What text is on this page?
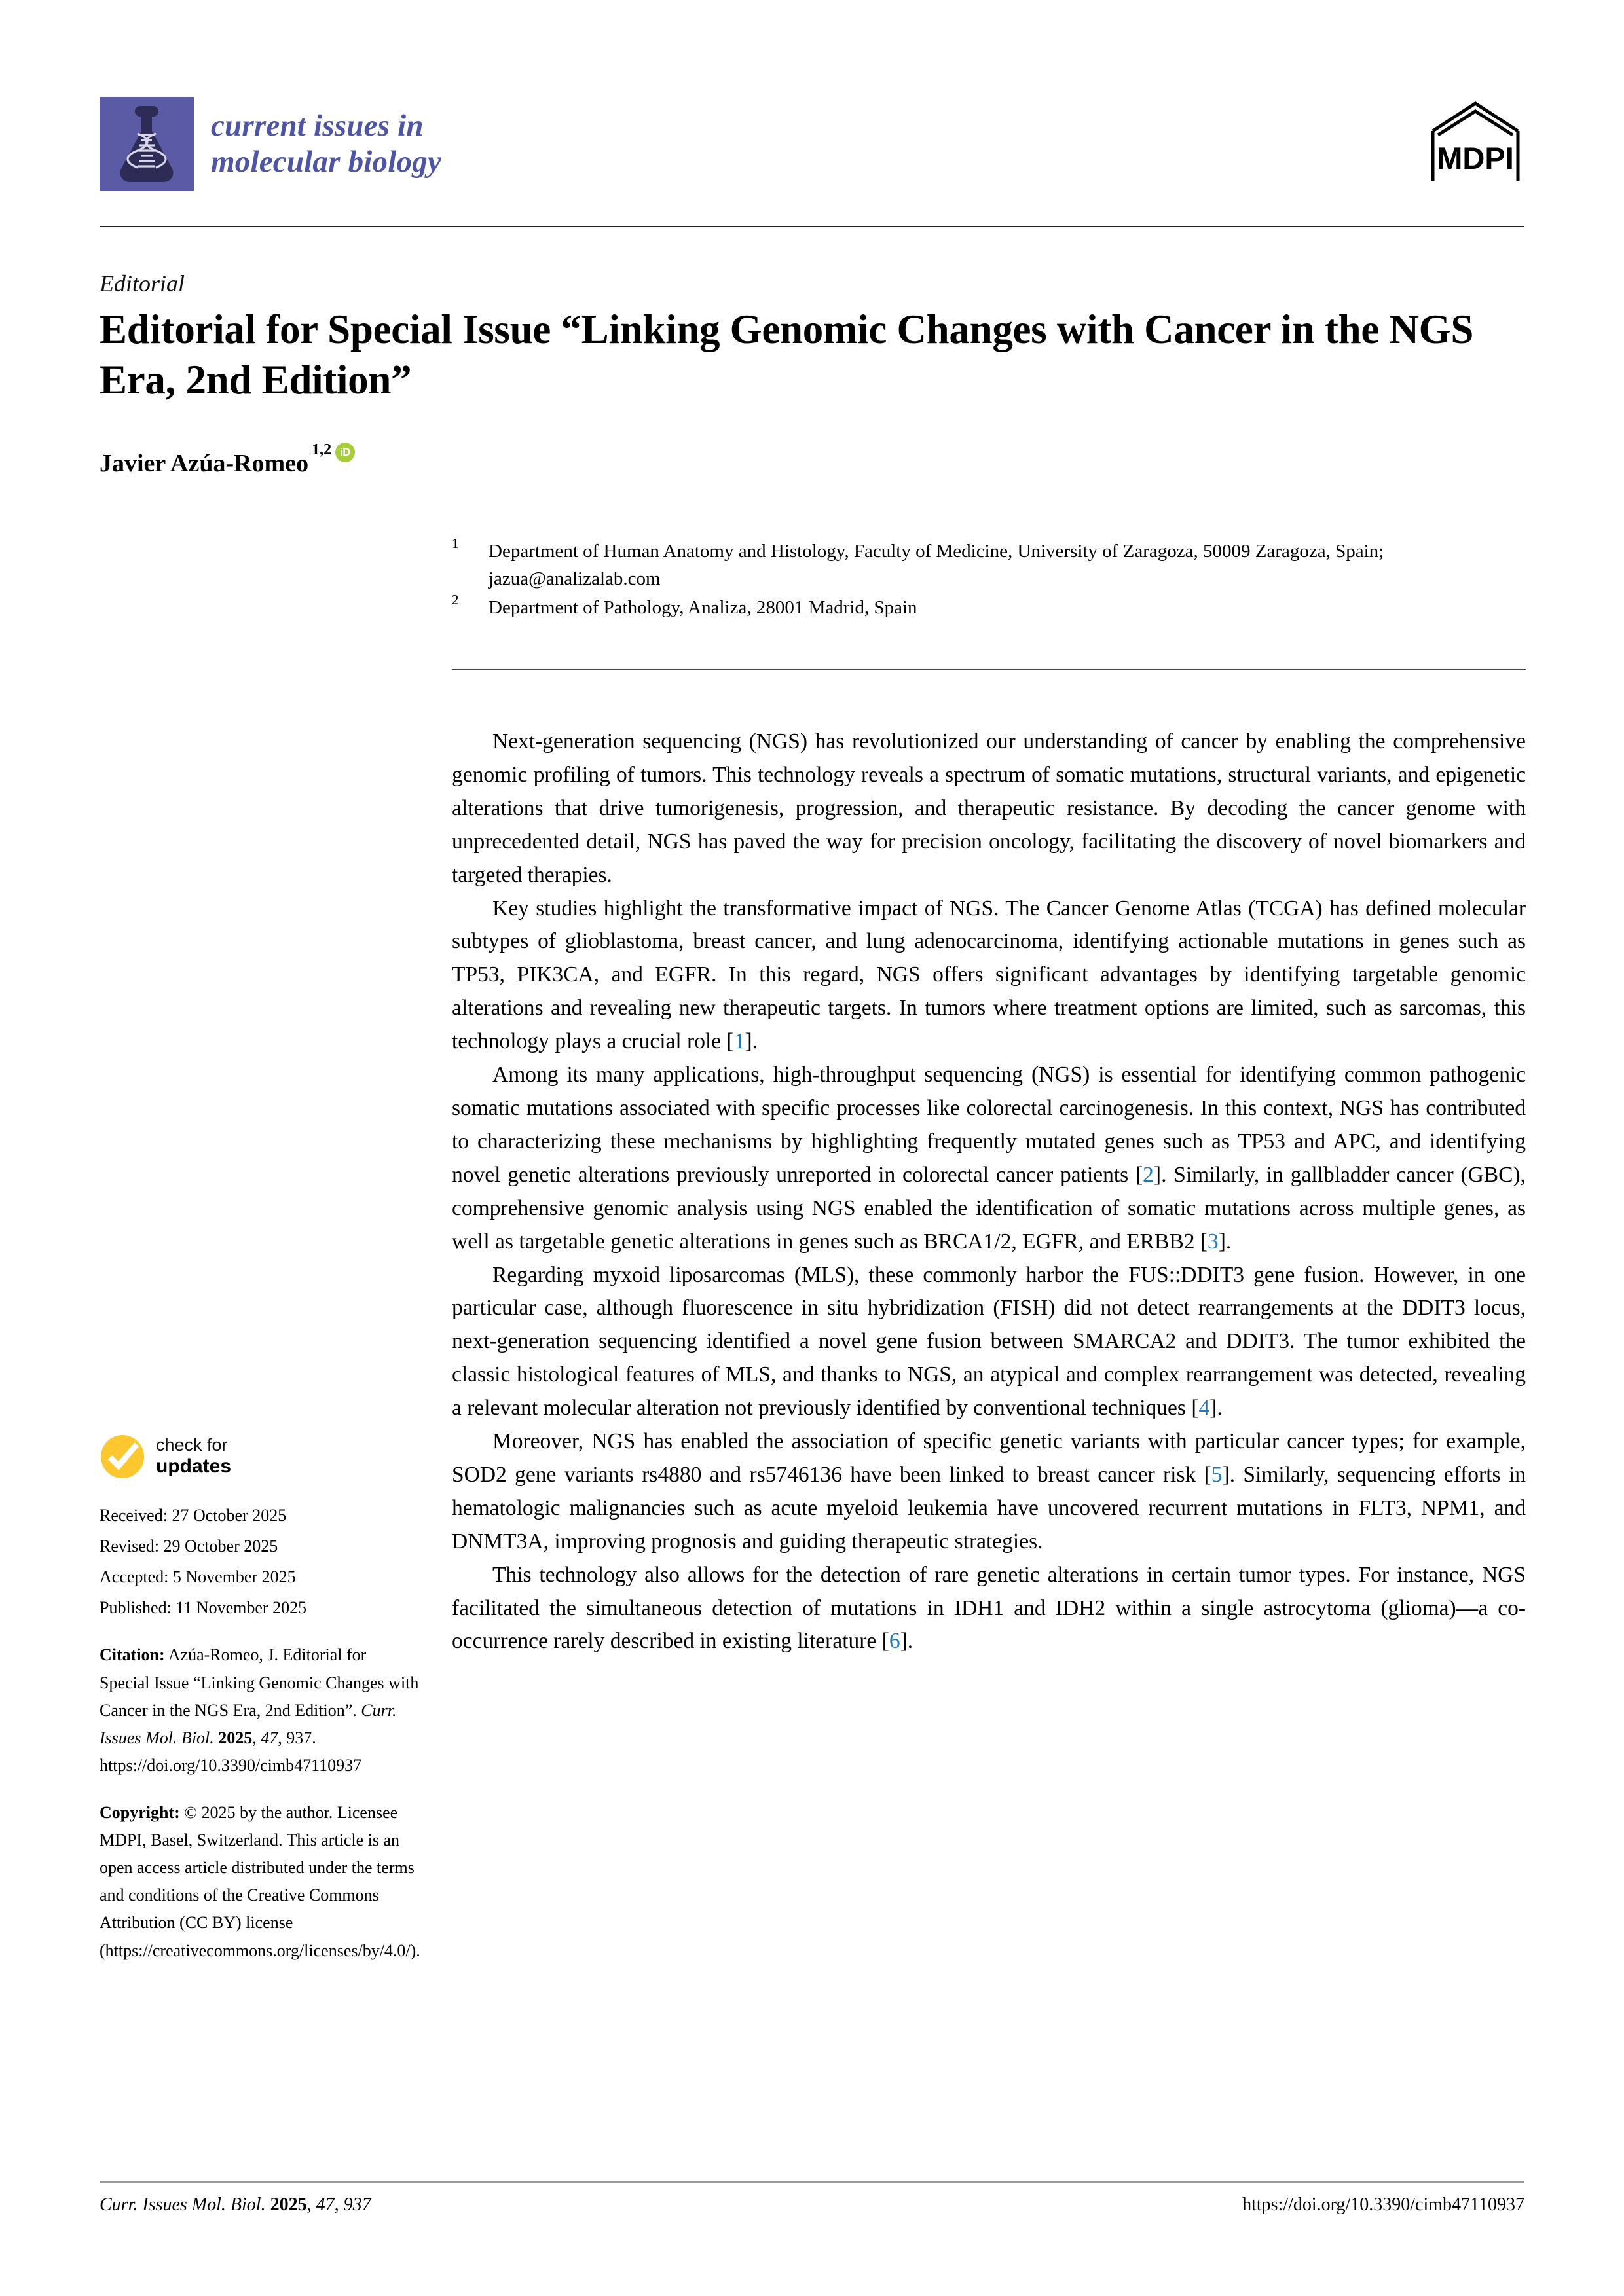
current issues in
molecular biology	MDPI
Editorial
Editorial for Special Issue “Linking Genomic Changes with Cancer in the NGS Era, 2nd Edition”
Javier Azúa-Romeo 1,2 iD
1	Department of Human Anatomy and Histology, Faculty of Medicine, University of Zaragoza, 50009 Zaragoza, Spain; jazua@analizalab.com
2	Department of Pathology, Analiza, 28001 Madrid, Spain
check for
updates
Received: 27 October 2025
Revised: 29 October 2025
Accepted: 5 November 2025
Published: 11 November 2025
Citation: Azúa-Romeo, J. Editorial for Special Issue “Linking Genomic Changes with Cancer in the NGS Era, 2nd Edition”. Curr. Issues Mol. Biol. 2025, 47, 937. https://doi.org/10.3390/cimb47110937
Copyright: © 2025 by the author. Licensee MDPI, Basel, Switzerland. This article is an open access article distributed under the terms and conditions of the Creative Commons Attribution (CC BY) license (https://creativecommons.org/licenses/by/4.0/).

Next-generation sequencing (NGS) has revolutionized our understanding of cancer by enabling the comprehensive genomic profiling of tumors. This technology reveals a spectrum of somatic mutations, structural variants, and epigenetic alterations that drive tumorigenesis, progression, and therapeutic resistance. By decoding the cancer genome with unprecedented detail, NGS has paved the way for precision oncology, facilitating the discovery of novel biomarkers and targeted therapies.

Key studies highlight the transformative impact of NGS. The Cancer Genome Atlas (TCGA) has defined molecular subtypes of glioblastoma, breast cancer, and lung adenocarcinoma, identifying actionable mutations in genes such as TP53, PIK3CA, and EGFR. In this regard, NGS offers significant advantages by identifying targetable genomic alterations and revealing new therapeutic targets. In tumors where treatment options are limited, such as sarcomas, this technology plays a crucial role [1].

Among its many applications, high-throughput sequencing (NGS) is essential for identifying common pathogenic somatic mutations associated with specific processes like colorectal carcinogenesis. In this context, NGS has contributed to characterizing these mechanisms by highlighting frequently mutated genes such as TP53 and APC, and identifying novel genetic alterations previously unreported in colorectal cancer patients [2]. Similarly, in gallbladder cancer (GBC), comprehensive genomic analysis using NGS enabled the identification of somatic mutations across multiple genes, as well as targetable genetic alterations in genes such as BRCA1/2, EGFR, and ERBB2 [3].

Regarding myxoid liposarcomas (MLS), these commonly harbor the FUS::DDIT3 gene fusion. However, in one particular case, although fluorescence in situ hybridization (FISH) did not detect rearrangements at the DDIT3 locus, next-generation sequencing identified a novel gene fusion between SMARCA2 and DDIT3. The tumor exhibited the classic histological features of MLS, and thanks to NGS, an atypical and complex rearrangement was detected, revealing a relevant molecular alteration not previously identified by conventional techniques [4].

Moreover, NGS has enabled the association of specific genetic variants with particular cancer types; for example, SOD2 gene variants rs4880 and rs5746136 have been linked to breast cancer risk [5]. Similarly, sequencing efforts in hematologic malignancies such as acute myeloid leukemia have uncovered recurrent mutations in FLT3, NPM1, and DNMT3A, improving prognosis and guiding therapeutic strategies.

This technology also allows for the detection of rare genetic alterations in certain tumor types. For instance, NGS facilitated the simultaneous detection of mutations in IDH1 and IDH2 within a single astrocytoma (glioma)—a co-occurrence rarely described in existing literature [6].

Curr. Issues Mol. Biol. 2025, 47, 937	https://doi.org/10.3390/cimb47110937
